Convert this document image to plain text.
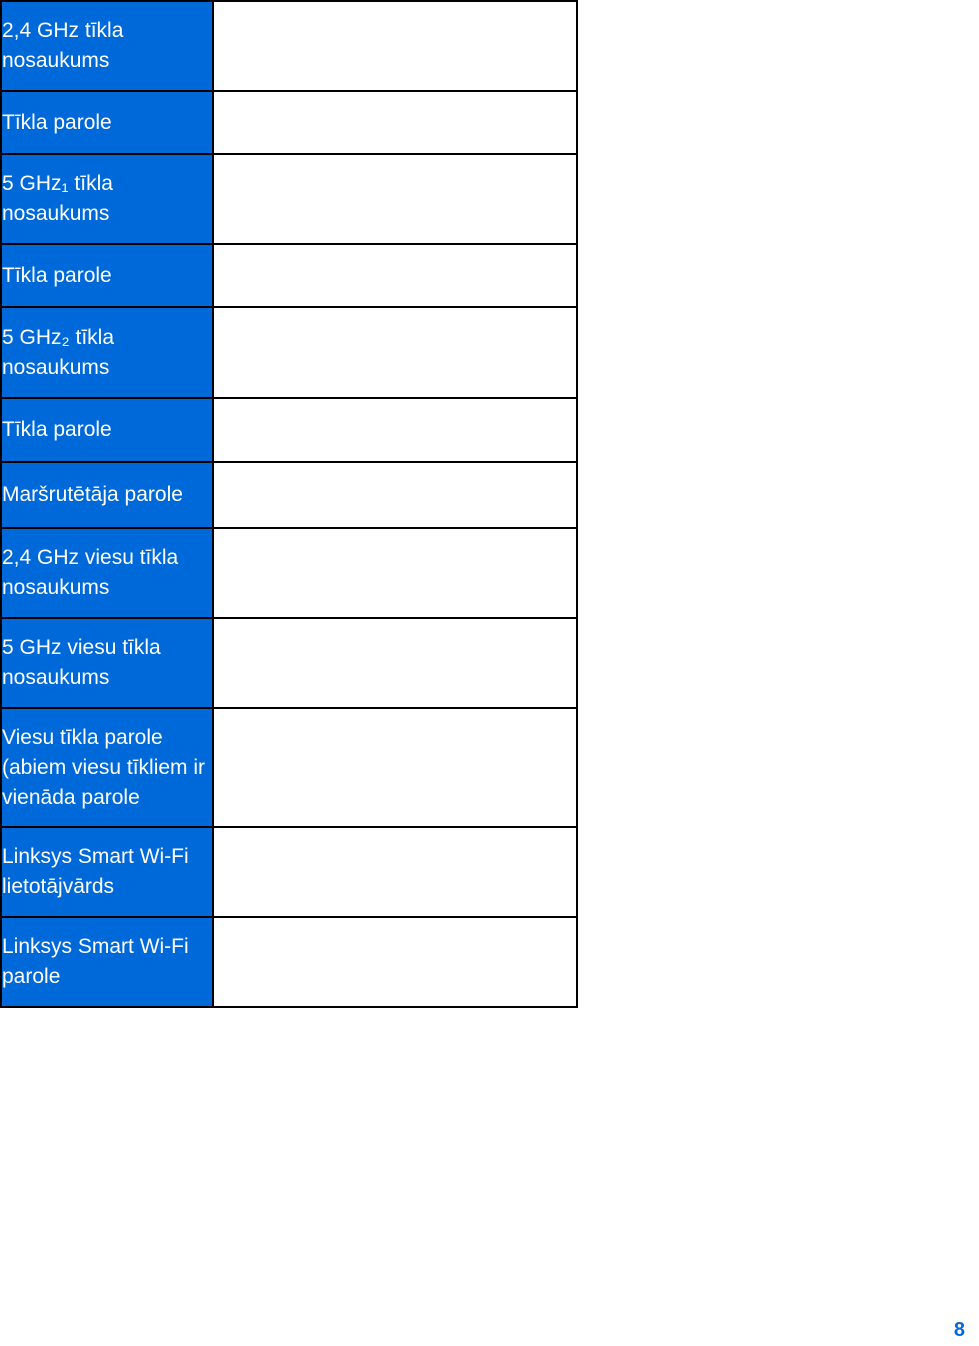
2,4 GHz tīkla nosaukums	
Tīkla parole	
5 GHz₁ tīkla nosaukums	
Tīkla parole	
5 GHz₂ tīkla nosaukums	
Tīkla parole	
Maršrutētāja parole	
2,4 GHz viesu tīkla nosaukums	
5 GHz viesu tīkla nosaukums	
Viesu tīkla parole (abiem viesu tīkliem ir vienāda parole	
Linksys Smart Wi-Fi lietotājvārds	
Linksys Smart Wi-Fi parole	
8
